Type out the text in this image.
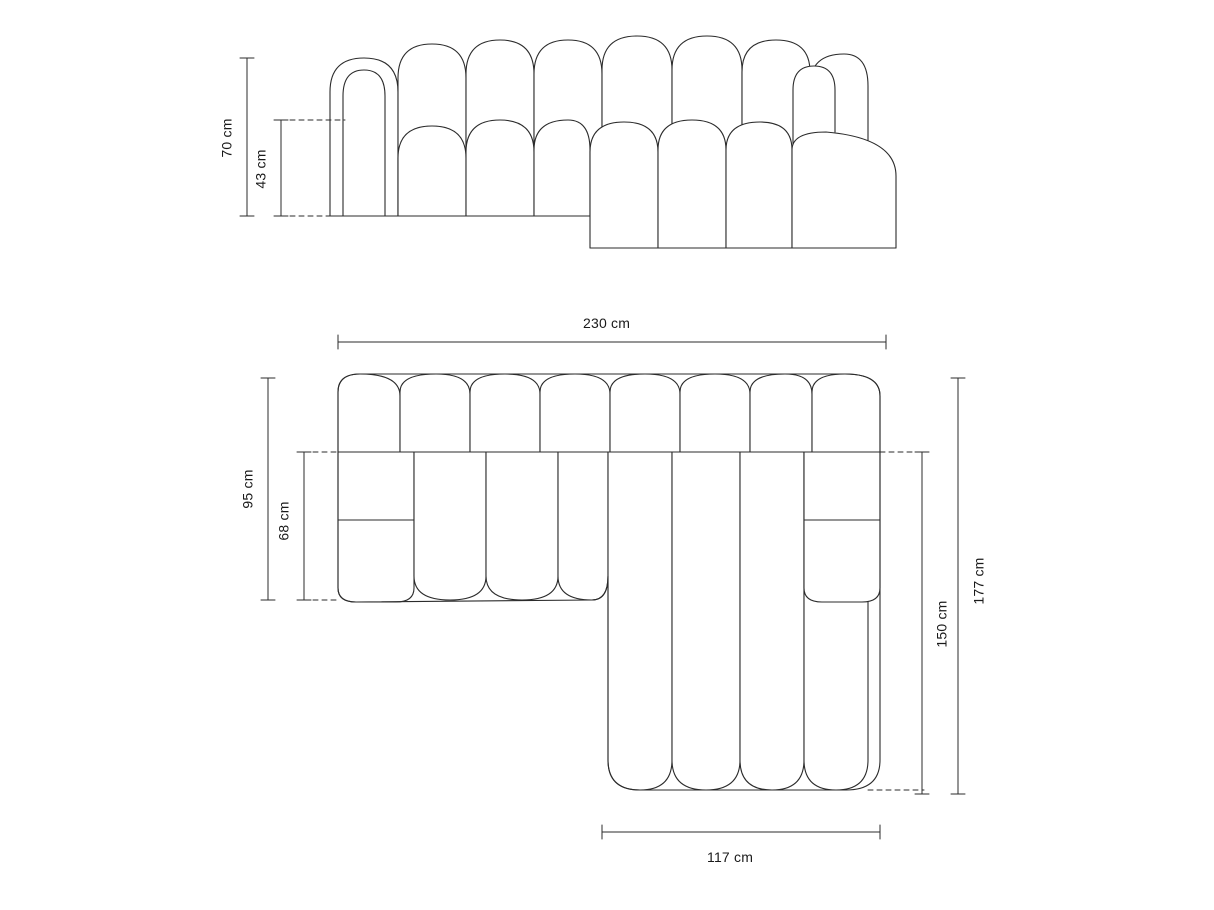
70 cm
43 cm
230 cm
95 cm
68 cm
177 cm
150 cm
117 cm
